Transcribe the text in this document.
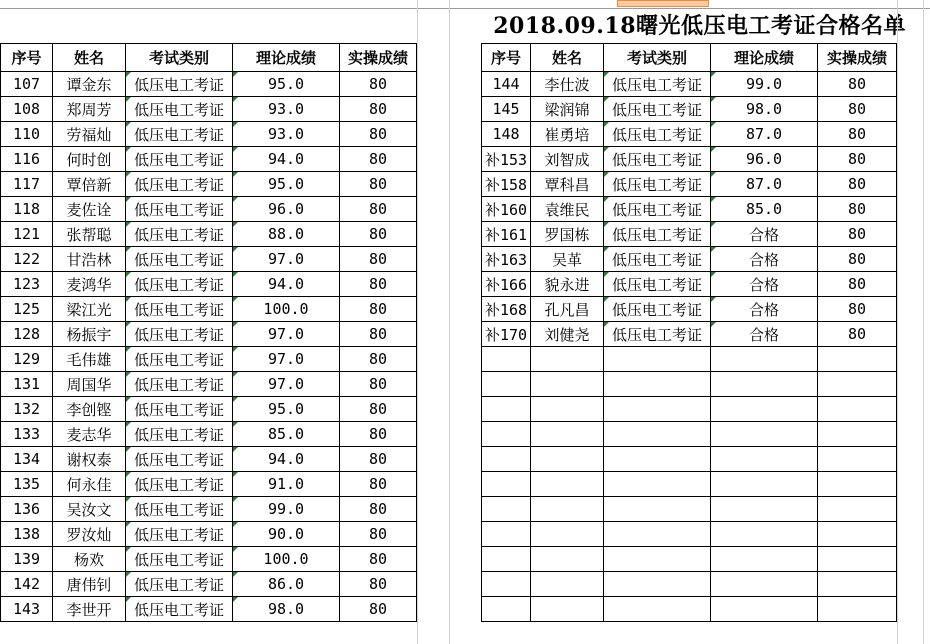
2018.09.18曙光低压电工考证合格名单
序号	姓名	考试类别	理论成绩	实操成绩
107	谭金东	低压电工考证	95.0	80
108	郑周芳	低压电工考证	93.0	80
110	劳福灿	低压电工考证	93.0	80
116	何时创	低压电工考证	94.0	80
117	覃倍新	低压电工考证	95.0	80
118	麦佐诠	低压电工考证	96.0	80
121	张帮聪	低压电工考证	88.0	80
122	甘浩林	低压电工考证	97.0	80
123	麦鸿华	低压电工考证	94.0	80
125	梁江光	低压电工考证	100.0	80
128	杨振宇	低压电工考证	97.0	80
129	毛伟雄	低压电工考证	97.0	80
131	周国华	低压电工考证	97.0	80
132	李创铿	低压电工考证	95.0	80
133	麦志华	低压电工考证	85.0	80
134	谢权泰	低压电工考证	94.0	80
135	何永佳	低压电工考证	91.0	80
136	吴汝文	低压电工考证	99.0	80
138	罗汝灿	低压电工考证	90.0	80
139	杨欢	低压电工考证	100.0	80
142	唐伟钊	低压电工考证	86.0	80
143	李世开	低压电工考证	98.0	80
序号	姓名	考试类别	理论成绩	实操成绩
144	李仕波	低压电工考证	99.0	80
145	梁润锦	低压电工考证	98.0	80
148	崔勇培	低压电工考证	87.0	80
补153	刘智成	低压电工考证	96.0	80
补158	覃科昌	低压电工考证	87.0	80
补160	袁维民	低压电工考证	85.0	80
补161	罗国栋	低压电工考证	合格	80
补163	吴革	低压电工考证	合格	80
补166	貌永进	低压电工考证	合格	80
补168	孔凡昌	低压电工考证	合格	80
补170	刘健尧	低压电工考证	合格	80
